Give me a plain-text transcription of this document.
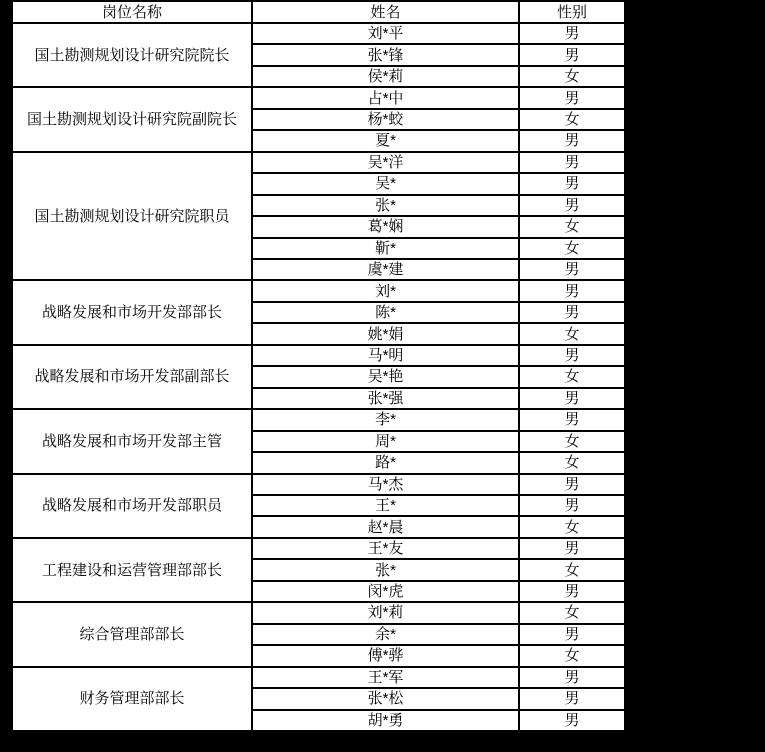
岗位名称	姓名	性别
国土勘测规划设计研究院院长	刘*平	男
	张*锋	男
	侯*莉	女
国土勘测规划设计研究院副院长	占*中	男
	杨*蛟	女
	夏*	男
国土勘测规划设计研究院职员	吴*洋	男
	吴*	男
	张*	男
	葛*娴	女
	靳*	女
	虞*建	男
战略发展和市场开发部部长	刘*	男
	陈*	男
	姚*娟	女
战略发展和市场开发部副部长	马*明	男
	吴*艳	女
	张*强	男
战略发展和市场开发部主管	李*	男
	周*	女
	路*	女
战略发展和市场开发部职员	马*杰	男
	王*	男
	赵*晨	女
工程建设和运营管理部部长	王*友	男
	张*	女
	闵*虎	男
综合管理部部长	刘*莉	女
	余*	男
	傅*骅	女
财务管理部部长	王*军	男
	张*松	男
	胡*勇	男
